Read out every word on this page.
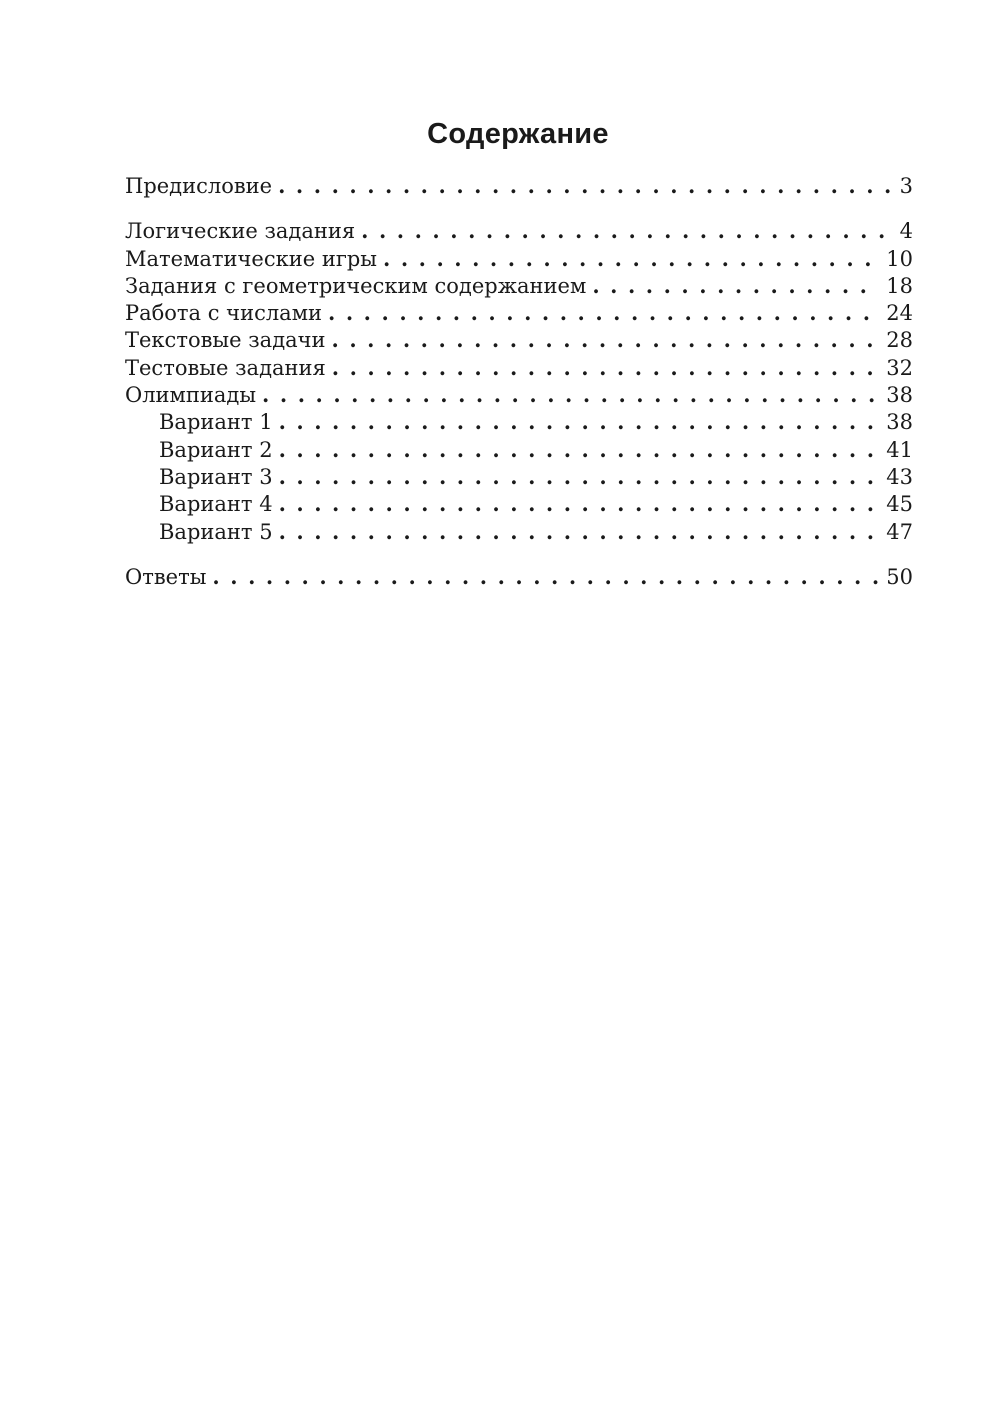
Содержание
Предисловие . . .	3
Логические задания . . .	4
Математические игры . . .	10
Задания с геометрическим содержанием . . .	18
Работа с числами . . .	24
Текстовые задачи . . .	28
Тестовые задания . . .	32
Олимпиады . . .	38
Вариант 1 . . .	38
Вариант 2 . . .	41
Вариант 3 . . .	43
Вариант 4 . . .	45
Вариант 5 . . .	47
Ответы . . .	50
